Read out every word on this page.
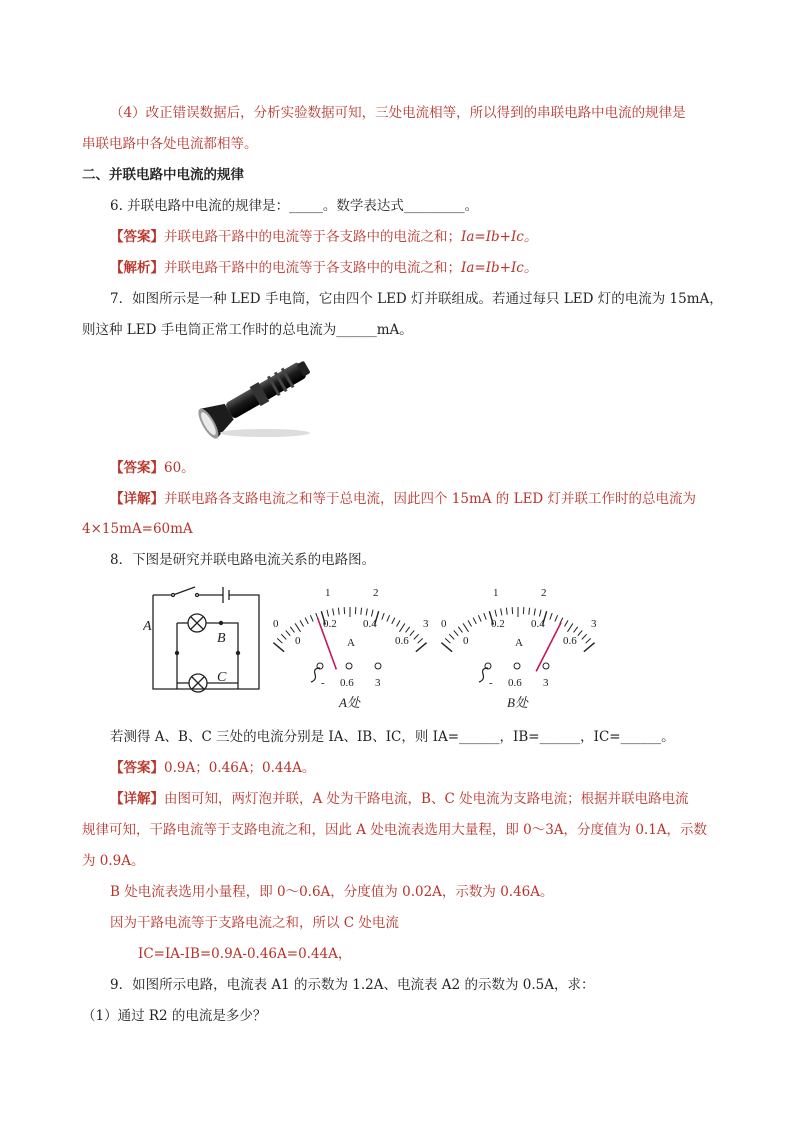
（4）改正错误数据后，分析实验数据可知，三处电流相等，所以得到的串联电路中电流的规律是
串联电路中各处电流都相等。
二、并联电路中电流的规律
6. 并联电路中电流的规律是：_____。数学表达式_________。
【答案】并联电路干路中的电流等于各支路中的电流之和；Ia=Ib+Ic。
【解析】并联电路干路中的电流等于各支路中的电流之和；Ia=Ib+Ic。
7．如图所示是一种 LED 手电筒，它由四个 LED 灯并联组成。若通过每只 LED 灯的电流为 15mA，
则这种 LED 手电筒正常工作时的总电流为______mA。
【答案】60。
【详解】并联电路各支路电流之和等于总电流，因此四个 15mA 的 LED 灯并联工作时的总电流为
4×15mA=60mA
8．下图是研究并联电路电流关系的电路图。
A
B
C
0
1	2
3
0
0.2 0.4
0.6
A
- 0.6 3
A处
0
1	2
3
0
0.2 0.4
0.6
A
- 0.6 3
B处
若测得 A、B、C 三处的电流分别是 IA、IB、IC，则 IA=______，IB=______，IC=______。
【答案】0.9A；0.46A；0.44A。
【详解】由图可知，两灯泡并联，A 处为干路电流，B、C 处电流为支路电流；根据并联电路电流
规律可知，干路电流等于支路电流之和，因此 A 处电流表选用大量程，即 0～3A，分度值为 0.1A，示数
为 0.9A。
B 处电流表选用小量程，即 0～0.6A，分度值为 0.02A，示数为 0.46A。
因为干路电流等于支路电流之和，所以 C 处电流
IC=IA-IB=0.9A-0.46A=0.44A，
9．如图所示电路，电流表 A1 的示数为 1.2A、电流表 A2 的示数为 0.5A，求：
（1）通过 R2 的电流是多少？
